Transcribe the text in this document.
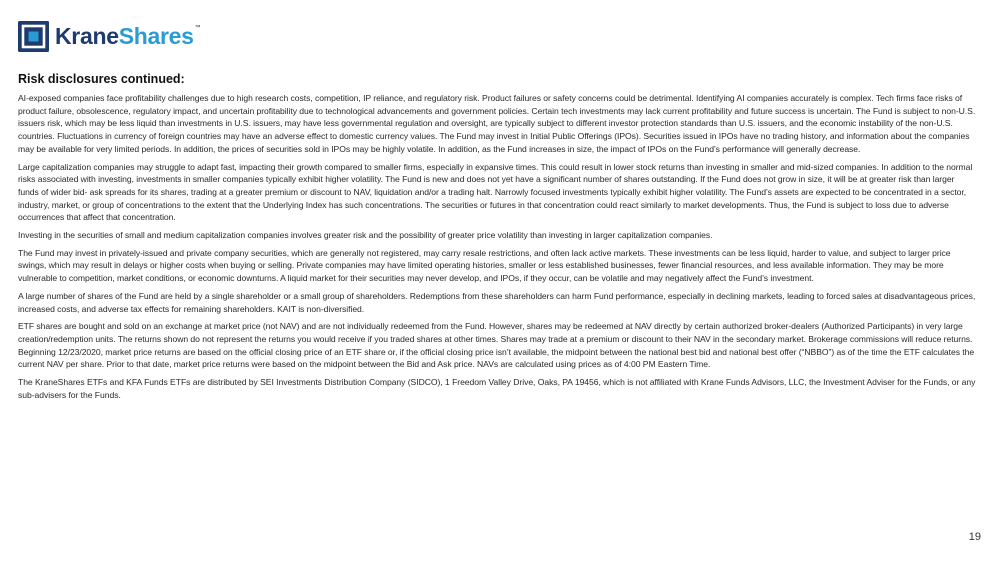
KraneShares™
Risk disclosures continued:

AI-exposed companies face profitability challenges due to high research costs, competition, IP reliance, and regulatory risk. Product failures or safety concerns could be detrimental. Identifying AI companies accurately is complex. Tech firms face risks of product failure, obsolescence, regulatory impact, and uncertain profitability due to technological advancements and government policies. Certain tech investments may lack current profitability and future success is uncertain. The Fund is subject to non-U.S. issuers risk, which may be less liquid than investments in U.S. issuers, may have less governmental regulation and oversight, are typically subject to different investor protection standards than U.S. issuers, and the economic instability of the non-U.S. countries. Fluctuations in currency of foreign countries may have an adverse effect to domestic currency values. The Fund may invest in Initial Public Offerings (IPOs). Securities issued in IPOs have no trading history, and information about the companies may be available for very limited periods. In addition, the prices of securities sold in IPOs may be highly volatile. In addition, as the Fund increases in size, the impact of IPOs on the Fund’s performance will generally decrease.

Large capitalization companies may struggle to adapt fast, impacting their growth compared to smaller firms, especially in expansive times. This could result in lower stock returns than investing in smaller and mid-sized companies. In addition to the normal risks associated with investing, investments in smaller companies typically exhibit higher volatility. The Fund is new and does not yet have a significant number of shares outstanding. If the Fund does not grow in size, it will be at greater risk than larger funds of wider bid- ask spreads for its shares, trading at a greater premium or discount to NAV, liquidation and/or a trading halt. Narrowly focused investments typically exhibit higher volatility. The Fund’s assets are expected to be concentrated in a sector, industry, market, or group of concentrations to the extent that the Underlying Index has such concentrations. The securities or futures in that concentration could react similarly to market developments. Thus, the Fund is subject to loss due to adverse occurrences that affect that concentration.

Investing in the securities of small and medium capitalization companies involves greater risk and the possibility of greater price volatility than investing in larger capitalization companies.

The Fund may invest in privately-issued and private company securities, which are generally not registered, may carry resale restrictions, and often lack active markets. These investments can be less liquid, harder to value, and subject to larger price swings, which may result in delays or higher costs when buying or selling. Private companies may have limited operating histories, smaller or less established businesses, fewer financial resources, and less available information. They may be more vulnerable to competition, market conditions, or economic downturns. A liquid market for their securities may never develop, and IPOs, if they occur, can be volatile and may negatively affect the Fund’s investment.

A large number of shares of the Fund are held by a single shareholder or a small group of shareholders. Redemptions from these shareholders can harm Fund performance, especially in declining markets, leading to forced sales at disadvantageous prices, increased costs, and adverse tax effects for remaining shareholders. KAIT is non-diversified.

ETF shares are bought and sold on an exchange at market price (not NAV) and are not individually redeemed from the Fund. However, shares may be redeemed at NAV directly by certain authorized broker-dealers (Authorized Participants) in very large creation/redemption units. The returns shown do not represent the returns you would receive if you traded shares at other times. Shares may trade at a premium or discount to their NAV in the secondary market. Brokerage commissions will reduce returns. Beginning 12/23/2020, market price returns are based on the official closing price of an ETF share or, if the official closing price isn’t available, the midpoint between the national best bid and national best offer (“NBBO”) as of the time the ETF calculates the current NAV per share. Prior to that date, market price returns were based on the midpoint between the Bid and Ask price. NAVs are calculated using prices as of 4:00 PM Eastern Time.

The KraneShares ETFs and KFA Funds ETFs are distributed by SEI Investments Distribution Company (SIDCO), 1 Freedom Valley Drive, Oaks, PA 19456, which is not affiliated with Krane Funds Advisors, LLC, the Investment Adviser for the Funds, or any sub-advisers for the Funds.

19
